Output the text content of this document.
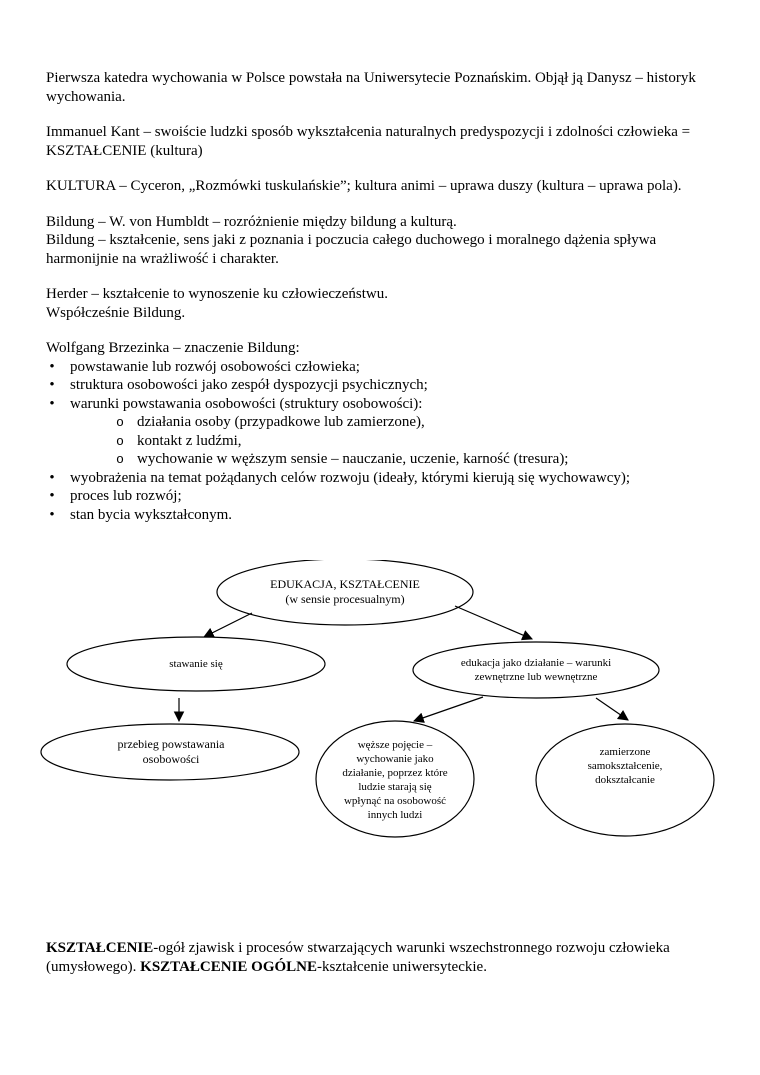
Pierwsza katedra wychowania w Polsce powstała na Uniwersytecie Poznańskim. Objął ją Danysz – historyk wychowania.

Immanuel Kant – swoiście ludzki sposób wykształcenia naturalnych predyspozycji i zdolności człowieka = KSZTAŁCENIE (kultura)

KULTURA – Cyceron, „Rozmówki tuskulańskie”; kultura animi – uprawa duszy (kultura – uprawa pola).

Bildung – W. von Humbldt – rozróżnienie między bildung a kulturą.
Bildung – kształcenie, sens jaki z poznania i poczucia całego duchowego i moralnego dążenia spływa harmonijnie na wrażliwość i charakter.

Herder – kształcenie to wynoszenie ku człowieczeństwu.
Współcześnie Bildung.

Wolfgang Brzezinka – znaczenie Bildung:
• powstawanie lub rozwój osobowości człowieka;
• struktura osobowości jako zespół dyspozycji psychicznych;
• warunki powstawania osobowości (struktury osobowości):
o działania osoby (przypadkowe lub zamierzone),
o kontakt z ludźmi,
o wychowanie w węższym sensie – nauczanie, uczenie, karność (tresura);
• wyobrażenia na temat pożądanych celów rozwoju (ideały, którymi kierują się wychowawcy);
• proces lub rozwój;
• stan bycia wykształconym.
EDUKACJA, KSZTAŁCENIE
(w sensie procesualnym)
stawanie się	edukacja jako działanie – warunki
zewnętrzne lub wewnętrzne
przebieg powstawania
osobowości
węższe pojęcie –
wychowanie jako
działanie, poprzez które
ludzie starają się
wpłynąć na osobowość
innych ludzi
zamierzone
samokształcenie,
dokształcanie
KSZTAŁCENIE-ogół zjawisk i procesów stwarzających warunki wszechstronnego rozwoju człowieka (umysłowego). KSZTAŁCENIE OGÓLNE-kształcenie uniwersyteckie.
